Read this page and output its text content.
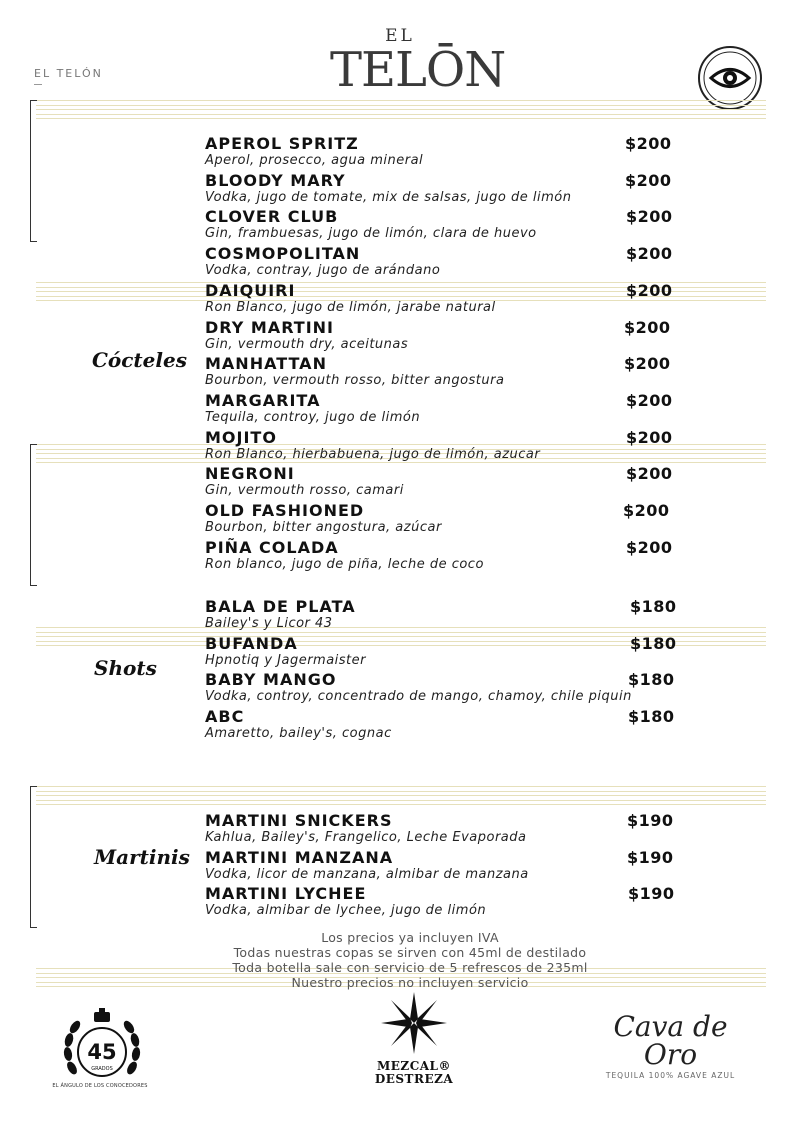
EL TELÓN
EL
TELŌN
Cócteles
Shots
Martinis
APEROL SPRITZ	$200
Aperol, prosecco, agua mineral
BLOODY MARY	$200
Vodka, jugo de tomate, mix de salsas, jugo de limón
CLOVER CLUB	$200
Gin, frambuesas, jugo de limón, clara de huevo
COSMOPOLITAN	$200
Vodka, contray, jugo de arándano
DAIQUIRI	$200
Ron Blanco, jugo de limón, jarabe natural
DRY MARTINI	$200
Gin, vermouth dry, aceitunas
MANHATTAN	$200
Bourbon, vermouth rosso, bitter angostura
MARGARITA	$200
Tequila, controy, jugo de limón
MOJITO	$200
Ron Blanco, hierbabuena, jugo de limón, azucar
NEGRONI	$200
Gin, vermouth rosso, camari
OLD FASHIONED	$200
Bourbon, bitter angostura, azúcar
PIÑA COLADA	$200
Ron blanco, jugo de piña, leche de coco
BALA DE PLATA	$180
Bailey's y Licor 43
BUFANDA	$180
Hpnotiq y Jagermaister
BABY MANGO	$180
Vodka, controy, concentrado de mango, chamoy, chile piquin
ABC	$180
Amaretto, bailey's, cognac
MARTINI SNICKERS	$190
Kahlua, Bailey's, Frangelico, Leche Evaporada
MARTINI MANZANA	$190
Vodka, licor de manzana, almibar de manzana
MARTINI LYCHEE	$190
Vodka, almibar de lychee, jugo de limón
Los precios ya incluyen IVA
Todas nuestras copas se sirven con 45ml de destilado
Toda botella sale con servicio de 5 refrescos de 235ml
Nuestro precios no incluyen servicio
45
GRADOS
EL ÁNGULO DE LOS CONOCEDORES
MEZCAL®
DESTREZA
Cava de Oro
TEQUILA 100% AGAVE AZUL
